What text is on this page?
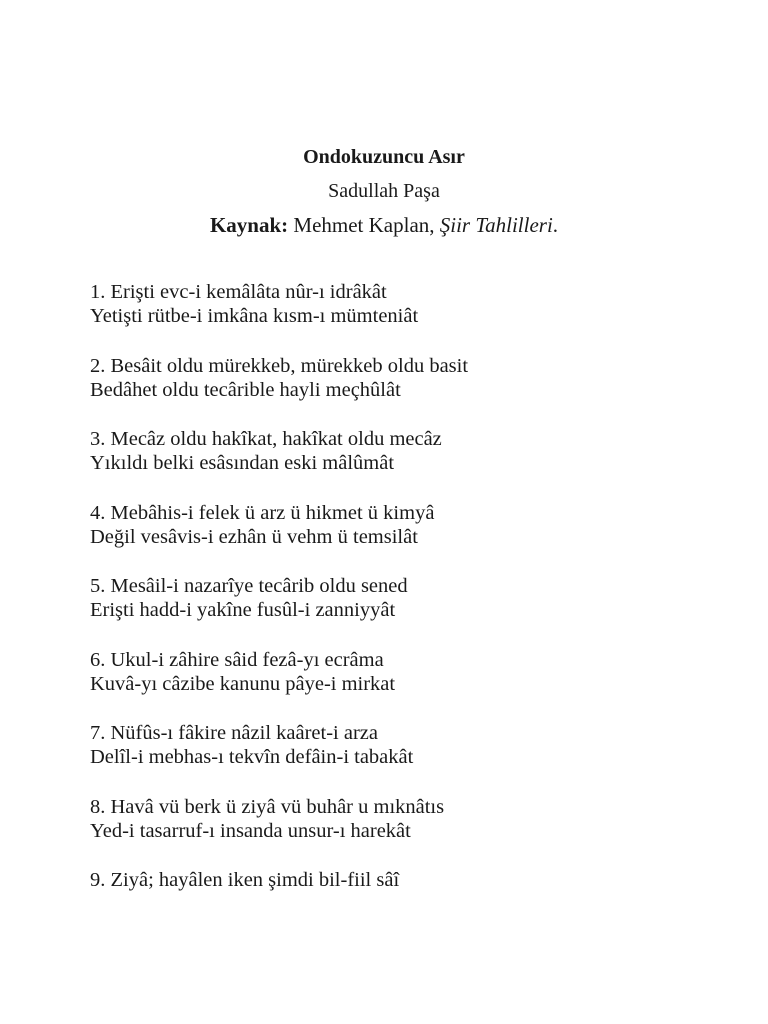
Ondokuzuncu Asır
Sadullah Paşa
Kaynak: Mehmet Kaplan, Şiir Tahlilleri.
1. Erişti evc-i kemâlâta nûr-ı idrâkât
Yetişti rütbe-i imkâna kısm-ı mümteniât
2. Besâit oldu mürekkeb, mürekkeb oldu basit
Bedâhet oldu tecârible hayli meçhûlât
3. Mecâz oldu hakîkat, hakîkat oldu mecâz
Yıkıldı belki esâsından eski mâlûmât
4. Mebâhis-i felek ü arz ü hikmet ü kimyâ
Değil vesâvis-i ezhân ü vehm ü temsilât
5. Mesâil-i nazarîye tecârib oldu sened
Erişti hadd-i yakîne fusûl-i zanniyyât
6. Ukul-i zâhire sâid fezâ-yı ecrâma
Kuvâ-yı câzibe kanunu pâye-i mirkat
7. Nüfûs-ı fâkire nâzil kaâret-i arza
Delîl-i mebhas-ı tekvîn defâin-i tabakât
8. Havâ vü berk ü ziyâ vü buhâr u mıknâtıs
Yed-i tasarruf-ı insanda unsur-ı harekât
9. Ziyâ; hayâlen iken şimdi bil-fiil sâî
